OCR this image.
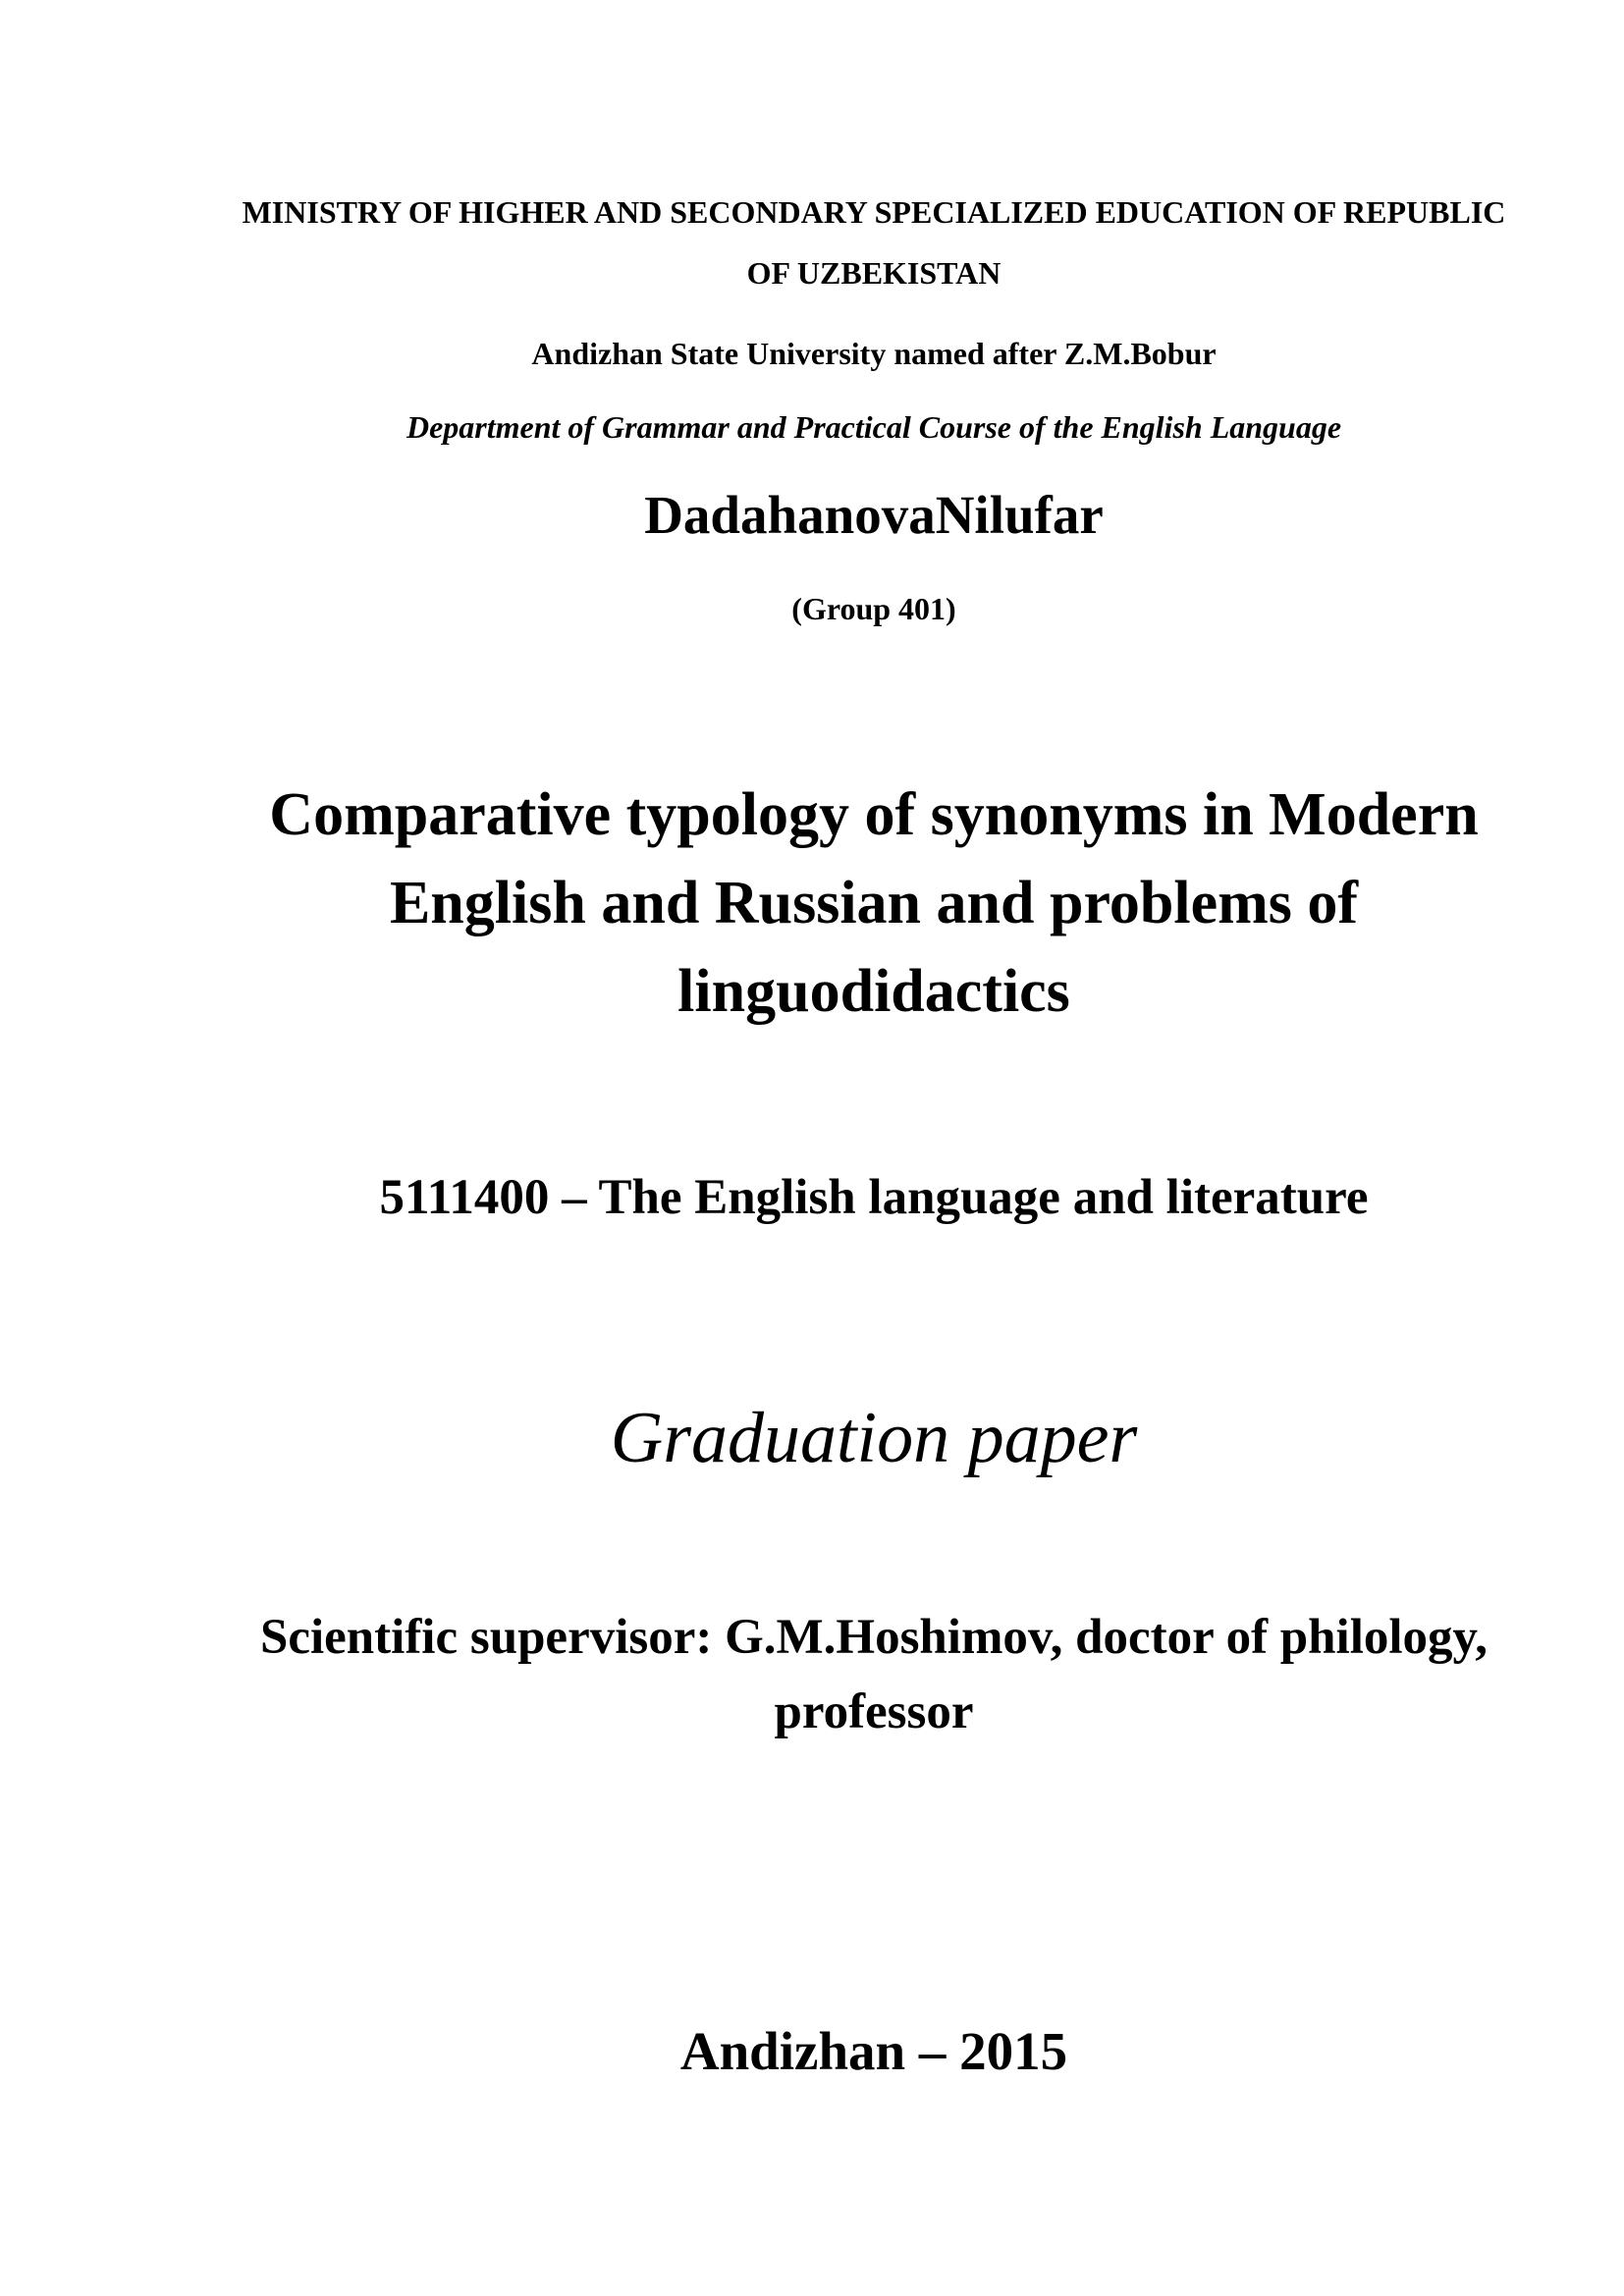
MINISTRY OF HIGHER AND SECONDARY SPECIALIZED EDUCATION OF REPUBLIC OF UZBEKISTAN

Andizhan State University named after Z.M.Bobur

Department of Grammar and Practical Course of the English Language

DadahanovaNilufar

(Group 401)

Comparative typology of synonyms in Modern English and Russian and problems of linguodidactics

5111400 – The English language and literature

Graduation paper

Scientific supervisor: G.M.Hoshimov, doctor of philology, professor

Andizhan – 2015
